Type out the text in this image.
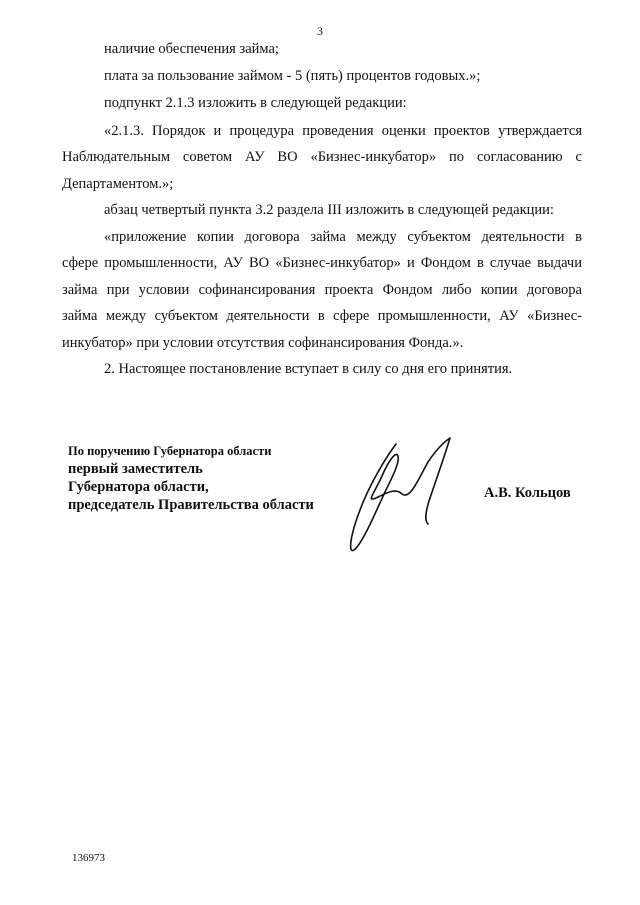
3
наличие обеспечения займа;
плата за пользование займом - 5 (пять) процентов годовых.»;
подпункт 2.1.3 изложить в следующей редакции:
«2.1.3. Порядок и процедура проведения оценки проектов утверждается
Наблюдательным советом АУ ВО «Бизнес-инкубатор» по согласованию с
Департаментом.»;
абзац четвертый пункта 3.2 раздела III изложить в следующей редакции:
«приложение копии договора займа между субъектом деятельности в
сфере промышленности, АУ ВО «Бизнес-инкубатор» и Фондом в случае выдачи
займа при условии софинансирования проекта Фондом либо копии договора
займа между субъектом деятельности в сфере промышленности, АУ «Бизнес-
инкубатор» при условии отсутствия софинансирования Фонда.».
2. Настоящее постановление вступает в силу со дня его принятия.
По поручению Губернатора области
первый заместитель
Губернатора области,
председатель Правительства области
А.В. Кольцов
136973
